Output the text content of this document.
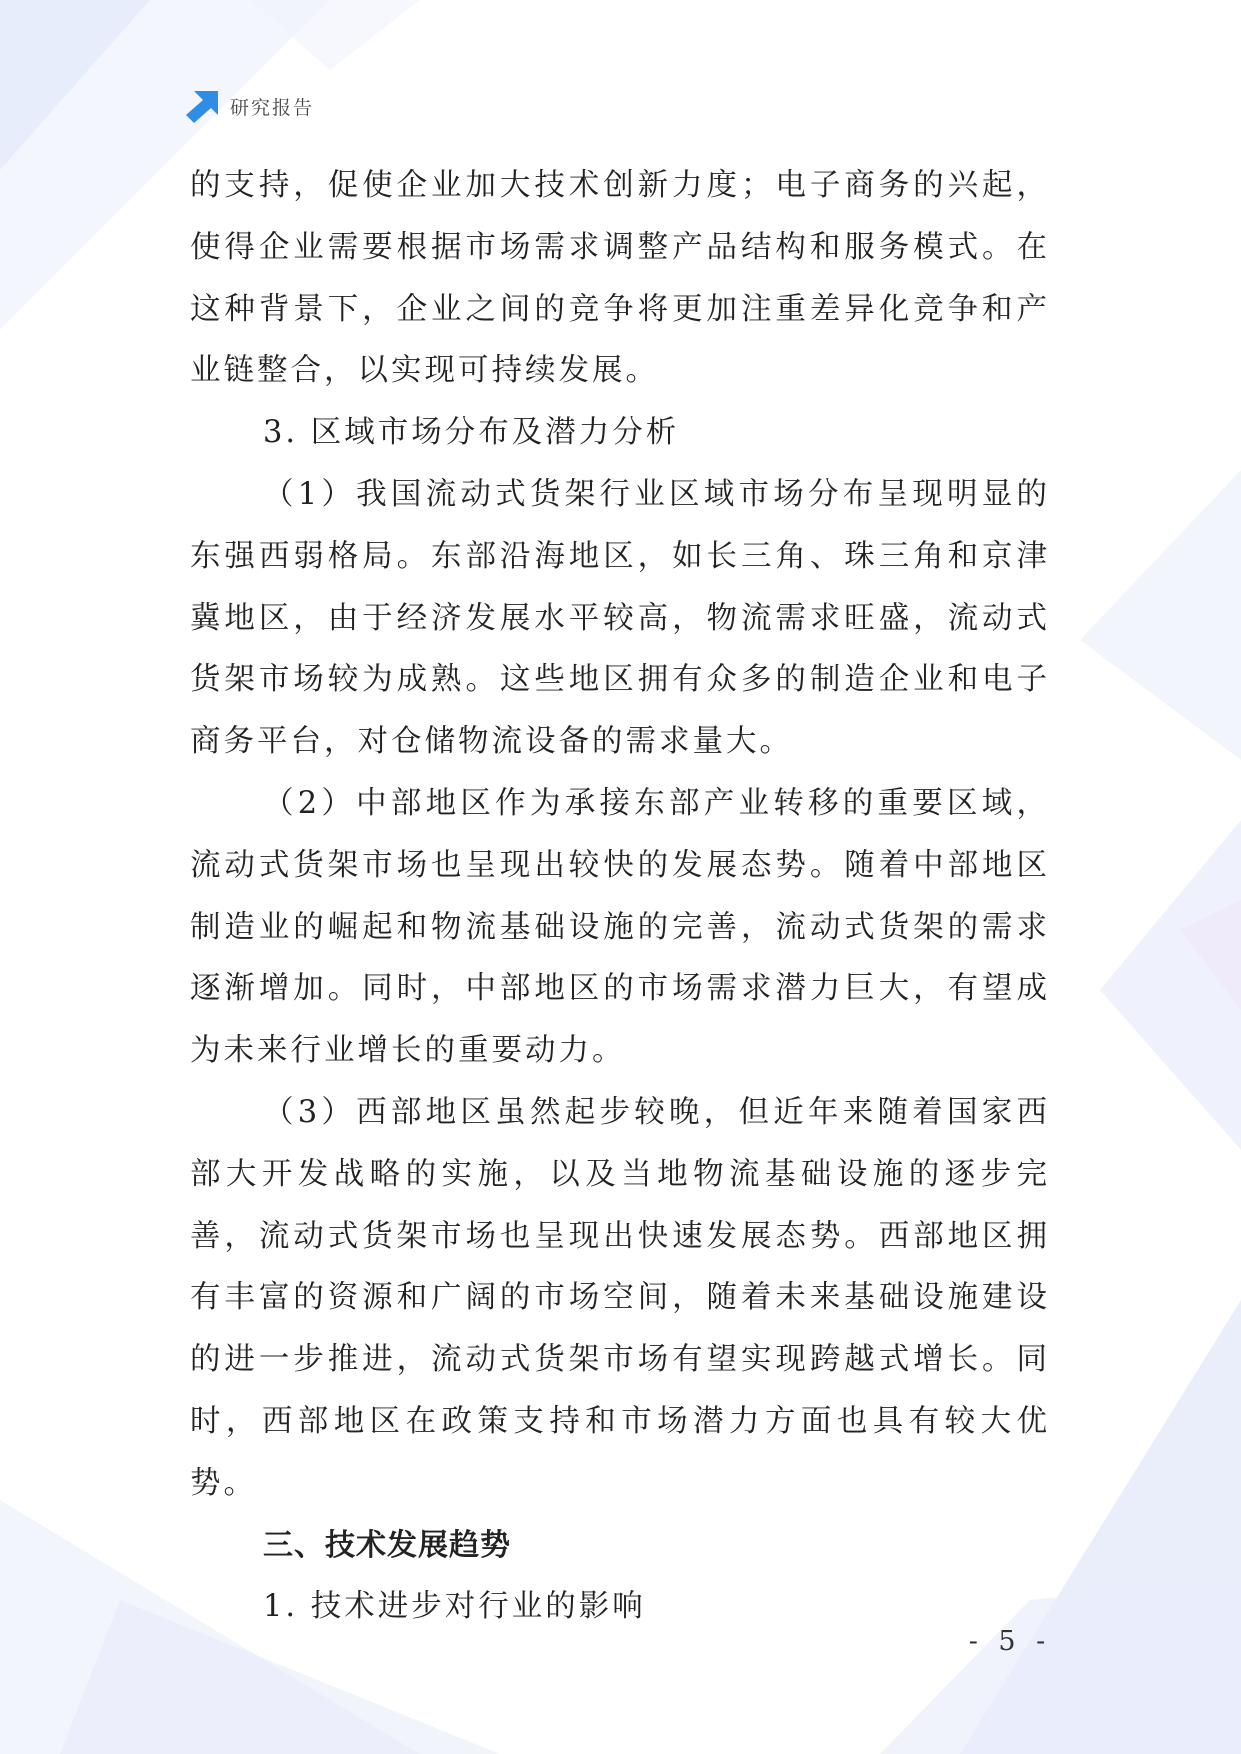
研究报告

的支持，促使企业加大技术创新力度；电子商务的兴起，使得企业需要根据市场需求调整产品结构和服务模式。在这种背景下，企业之间的竞争将更加注重差异化竞争和产业链整合，以实现可持续发展。

3. 区域市场分布及潜力分析

（1）我国流动式货架行业区域市场分布呈现明显的东强西弱格局。东部沿海地区，如长三角、珠三角和京津冀地区，由于经济发展水平较高，物流需求旺盛，流动式货架市场较为成熟。这些地区拥有众多的制造企业和电子商务平台，对仓储物流设备的需求量大。

（2）中部地区作为承接东部产业转移的重要区域，流动式货架市场也呈现出较快的发展态势。随着中部地区制造业的崛起和物流基础设施的完善，流动式货架的需求逐渐增加。同时，中部地区的市场需求潜力巨大，有望成为未来行业增长的重要动力。

（3）西部地区虽然起步较晚，但近年来随着国家西部大开发战略的实施，以及当地物流基础设施的逐步完善，流动式货架市场也呈现出快速发展态势。西部地区拥有丰富的资源和广阔的市场空间，随着未来基础设施建设的进一步推进，流动式货架市场有望实现跨越式增长。同时，西部地区在政策支持和市场潜力方面也具有较大优势。

三、技术发展趋势

1. 技术进步对行业的影响

- 5 -
